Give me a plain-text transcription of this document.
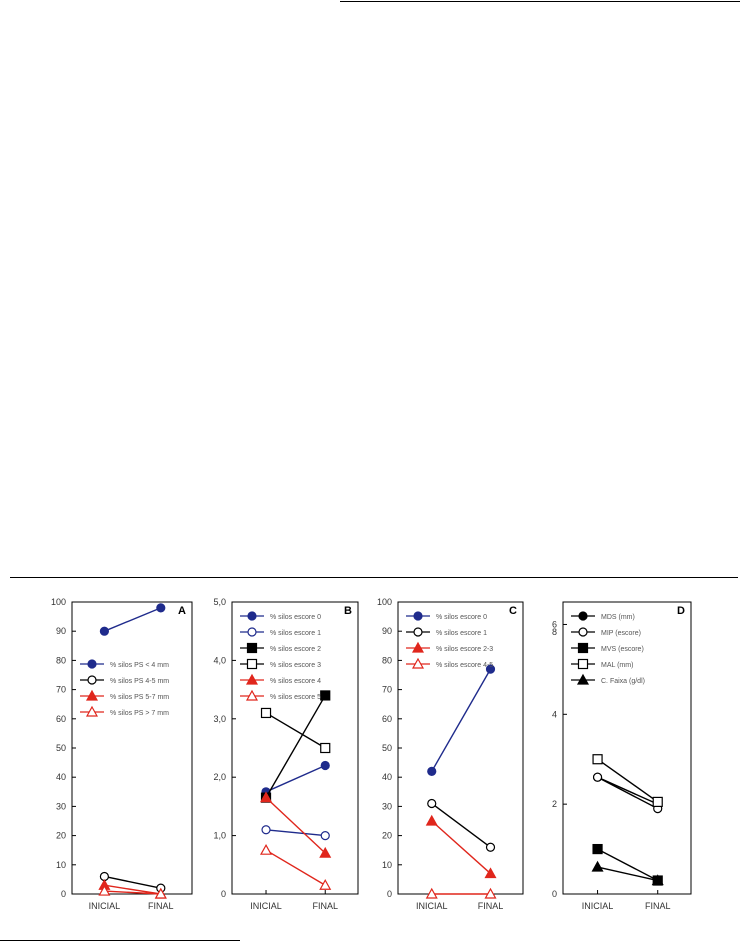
0
10
20
30
40
50
60
70
80
90
100
INICIAL	FINAL
A
% silos PS < 4 mm
% silos PS 4-5 mm
% silos PS 5-7 mm
% silos PS > 7 mm
0
1,0
2,0
3,0
4,0
5,0
INICIAL	FINAL
B
% silos escore 0
% silos escore 1
% silos escore 2
% silos escore 3
% silos escore 4
% silos escore 5
0
10
20
30
40
50
60
70
80
90
100
INICIAL	FINAL
C
% silos escore 0
% silos escore 1
% silos escore 2-3
% silos escore 4-5
0
2
4
6
8
INICIAL	FINAL
D
MDS (mm)
MIP (escore)
MVS (escore)
MAL (mm)
C. Faixa (g/dl)
